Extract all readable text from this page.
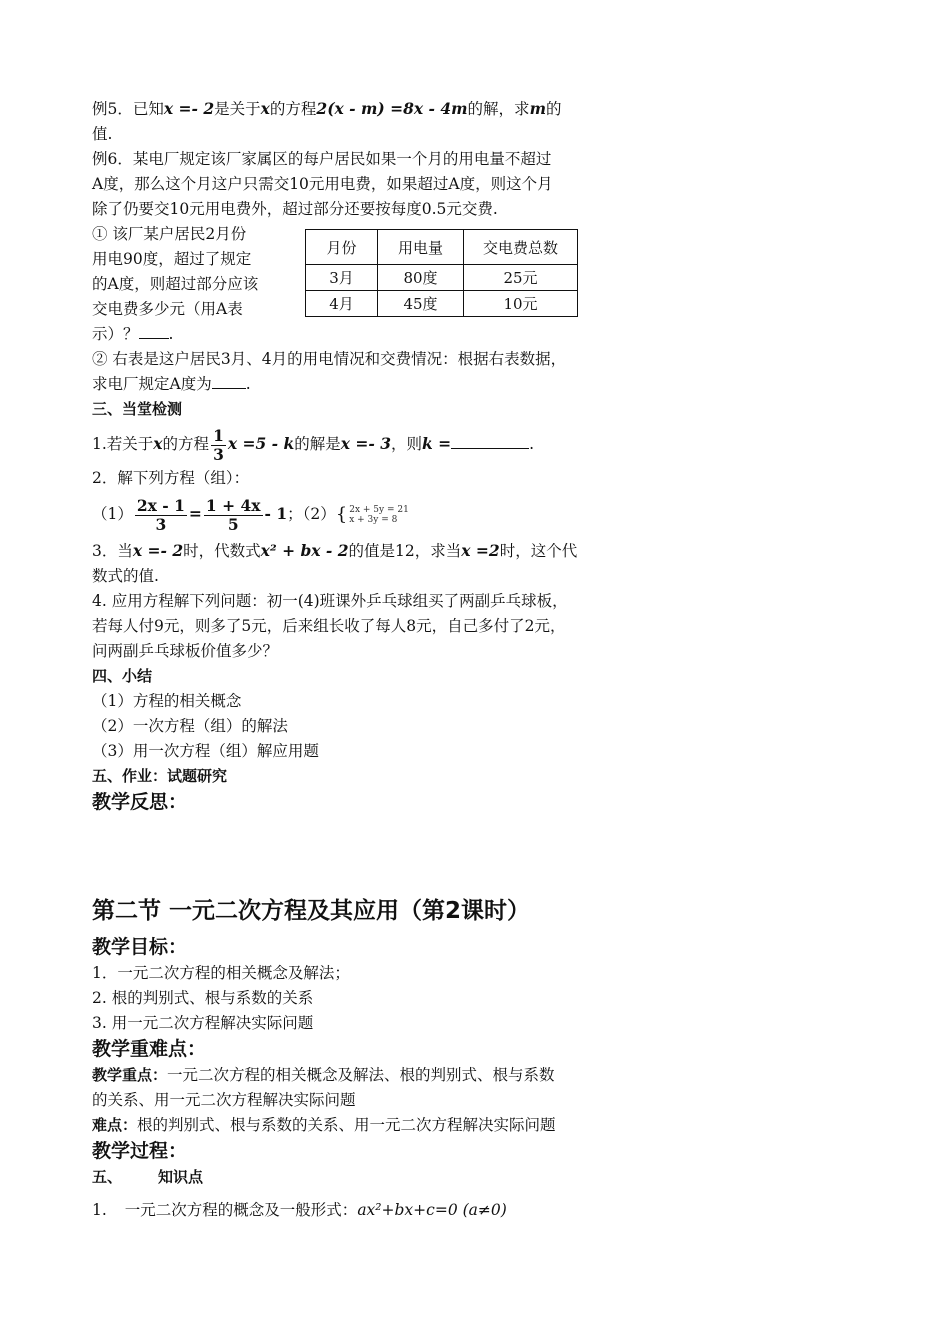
例5．已知x =- 2是关于x的方程2(x - m) =8x - 4m的解，求m的

值.

例6．某电厂规定该厂家属区的每户居民如果一个月的用电量不超过

A度，那么这个月这户只需交10元用电费，如果超过A度，则这个月

除了仍要交10元用电费外，超过部分还要按每度0.5元交费.

① 该厂某户居民2月份

用电90度，超过了规定

的A度，则超过部分应该

交电费多少元（用A表

示）？ .

② 右表是这户居民3月、4月的用电情况和交费情况：根据右表数据，

求电厂规定A度为 .

三、当堂检测

1.若关于x的方程 $\frac{1}{3}$ x =5 - k的解是x =- 3，则k =	.

2．解下列方程（组）：

$(1) \frac{2x - 1}{3} = \frac{1 + 4x}{5} - 1$；（2）{ 2x + 5y = 21
x + 3y = 8

3．当x =- 2时，代数式x² + bx - 2的值是12，求当x =2时，这个代

数式的值.

4. 应用方程解下列问题：初一(4)班课外乒乓球组买了两副乒乓球板，

若每人付9元，则多了5元，后来组长收了每人8元，自己多付了2元，

问两副乒乓球板价值多少？

四、小结

（1）方程的相关概念

（2）一次方程（组）的解法

（3）用一次方程（组）解应用题

五、作业：试题研究

教学反思：

第二节 一元二次方程及其应用（第2课时）

教学目标：

1．一元二次方程的相关概念及解法；

2. 根的判别式、根与系数的关系

3. 用一元二次方程解决实际问题

教学重难点：

教学重点：一元二次方程的相关概念及解法、根的判别式、根与系数

的关系、用一元二次方程解决实际问题

难点：根的判别式、根与系数的关系、用一元二次方程解决实际问题

教学过程：

五、 知识点

1. 一元二次方程的概念及一般形式：ax²+bx+c=0 (a≠0)

月份	用电量	交电费总数
3月	80度	25元
4月	45度	10元
